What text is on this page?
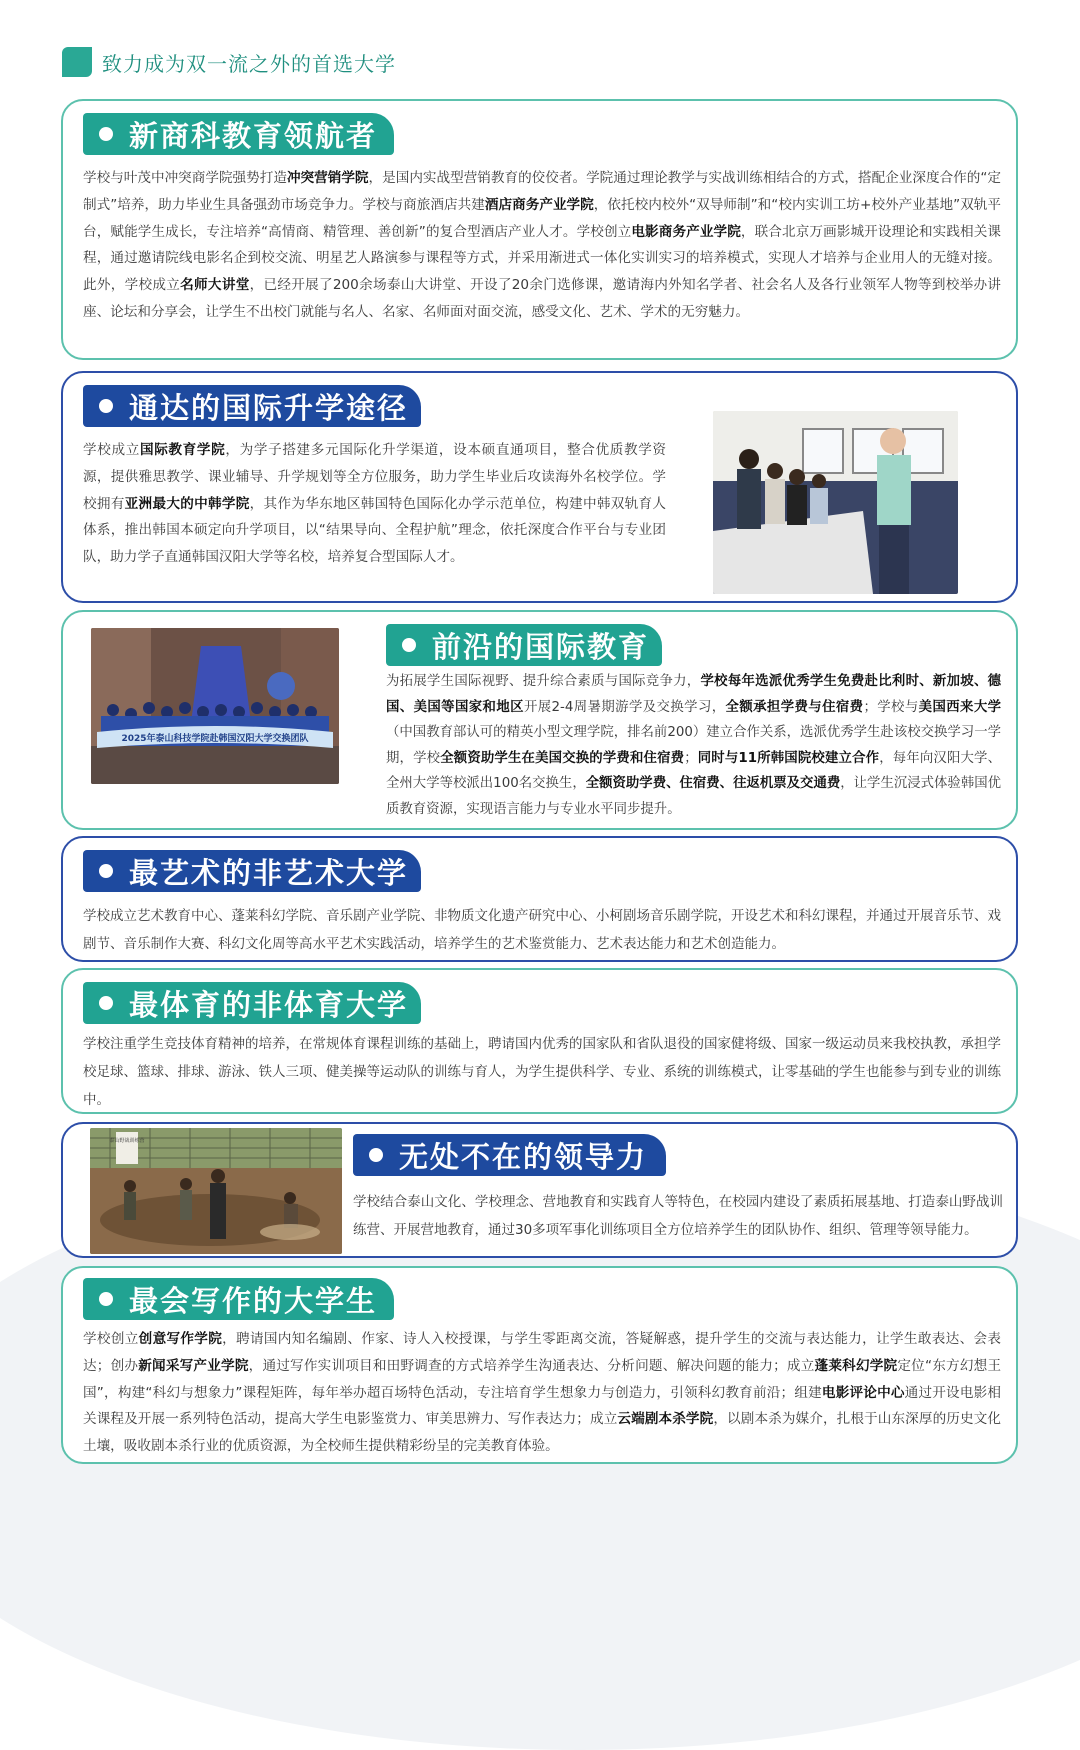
致力成为双一流之外的首选大学
新商科教育领航者
学校与叶茂中冲突商学院强势打造冲突营销学院，是国内实战型营销教育的佼佼者。学院通过理论教学与实战训练相结合的方式，搭配企业深度合作的“定制式”培养，助力毕业生具备强劲市场竞争力。学校与商旅酒店共建酒店商务产业学院，依托校内校外“双导师制”和“校内实训工坊+校外产业基地”双轨平台，赋能学生成长，专注培养“高情商、精管理、善创新”的复合型酒店产业人才。学校创立电影商务产业学院，联合北京万画影城开设理论和实践相关课程，通过邀请院线电影名企到校交流、明星艺人路演参与课程等方式，并采用渐进式一体化实训实习的培养模式，实现人才培养与企业用人的无缝对接。此外，学校成立名师大讲堂，已经开展了200余场泰山大讲堂、开设了20余门选修课，邀请海内外知名学者、社会名人及各行业领军人物等到校举办讲座、论坛和分享会，让学生不出校门就能与名人、名家、名师面对面交流，感受文化、艺术、学术的无穷魅力。
通达的国际升学途径
学校成立国际教育学院，为学子搭建多元国际化升学渠道，设本硕直通项目，整合优质教学资源，提供雅思教学、课业辅导、升学规划等全方位服务，助力学生毕业后攻读海外名校学位。学校拥有亚洲最大的中韩学院，其作为华东地区韩国特色国际化办学示范单位，构建中韩双轨育人体系，推出韩国本硕定向升学项目，以“结果导向、全程护航”理念，依托深度合作平台与专业团队，助力学子直通韩国汉阳大学等名校，培养复合型国际人才。
2025年泰山科技学院赴韩国汉阳大学交换团队
前沿的国际教育
为拓展学生国际视野、提升综合素质与国际竞争力，学校每年选派优秀学生免费赴比利时、新加坡、德国、美国等国家和地区开展2-4周暑期游学及交换学习，全额承担学费与住宿费；学校与美国西来大学（中国教育部认可的精英小型文理学院，排名前200）建立合作关系，选派优秀学生赴该校交换学习一学期，学校全额资助学生在美国交换的学费和住宿费；同时与11所韩国院校建立合作，每年向汉阳大学、全州大学等校派出100名交换生，全额资助学费、住宿费、往返机票及交通费，让学生沉浸式体验韩国优质教育资源，实现语言能力与专业水平同步提升。
最艺术的非艺术大学
学校成立艺术教育中心、蓬莱科幻学院、音乐剧产业学院、非物质文化遗产研究中心、小柯剧场音乐剧学院，开设艺术和科幻课程，并通过开展音乐节、戏剧节、音乐制作大赛、科幻文化周等高水平艺术实践活动，培养学生的艺术鉴赏能力、艺术表达能力和艺术创造能力。
最体育的非体育大学
学校注重学生竞技体育精神的培养，在常规体育课程训练的基础上，聘请国内优秀的国家队和省队退役的国家健将级、国家一级运动员来我校执教，承担学校足球、篮球、排球、游泳、铁人三项、健美操等运动队的训练与育人，为学生提供科学、专业、系统的训练模式，让零基础的学生也能参与到专业的训练中。
泰山野战训练营	无处不在的领导力
学校结合泰山文化、学校理念、营地教育和实践育人等特色，在校园内建设了素质拓展基地、打造泰山野战训练营、开展营地教育，通过30多项军事化训练项目全方位培养学生的团队协作、组织、管理等领导能力。
最会写作的大学生
学校创立创意写作学院，聘请国内知名编剧、作家、诗人入校授课，与学生零距离交流，答疑解惑，提升学生的交流与表达能力，让学生敢表达、会表达；创办新闻采写产业学院，通过写作实训项目和田野调查的方式培养学生沟通表达、分析问题、解决问题的能力；成立蓬莱科幻学院定位“东方幻想王国”，构建“科幻与想象力”课程矩阵，每年举办超百场特色活动，专注培育学生想象力与创造力，引领科幻教育前沿；组建电影评论中心通过开设电影相关课程及开展一系列特色活动，提高大学生电影鉴赏力、审美思辨力、写作表达力；成立云端剧本杀学院，以剧本杀为媒介，扎根于山东深厚的历史文化土壤，吸收剧本杀行业的优质资源，为全校师生提供精彩纷呈的完美教育体验。
